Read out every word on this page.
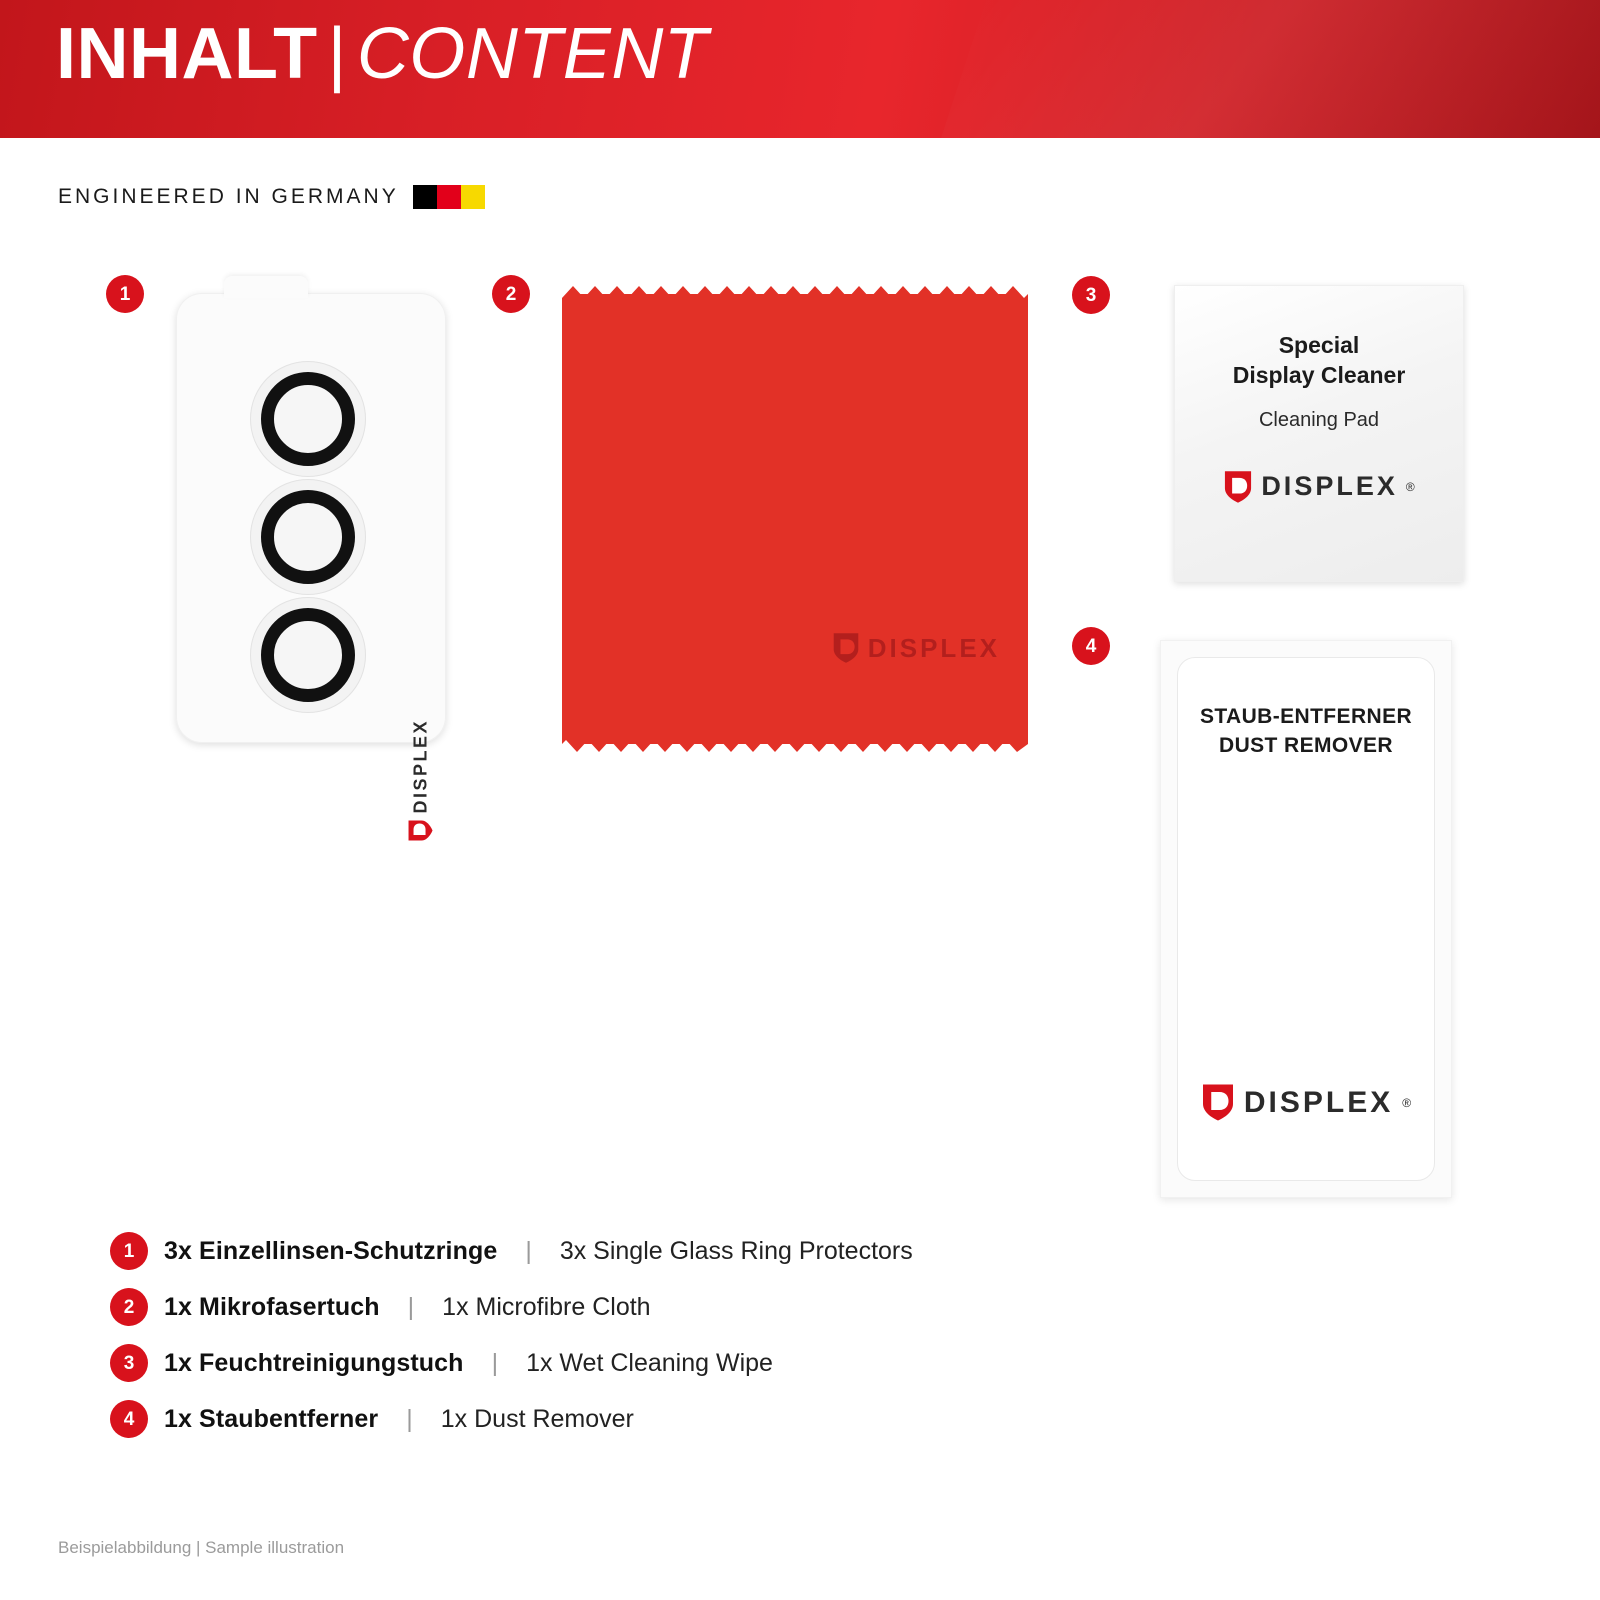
INHALT | CONTENT
ENGINEERED IN GERMANY
1
DISPLEX
2
DISPLEX
3
Special
Display Cleaner
Cleaning Pad
DISPLEX ®
4
STAUB-ENTFERNER
DUST REMOVER
DISPLEX ®
1	3x Einzellinsen-Schutzringe	|	3x Single Glass Ring Protectors
2	1x Mikrofasertuch	|	1x Microfibre Cloth
3	1x Feuchtreinigungstuch	|	1x Wet Cleaning Wipe
4	1x Staubentferner	|	1x Dust Remover
Beispielabbildung | Sample illustration
